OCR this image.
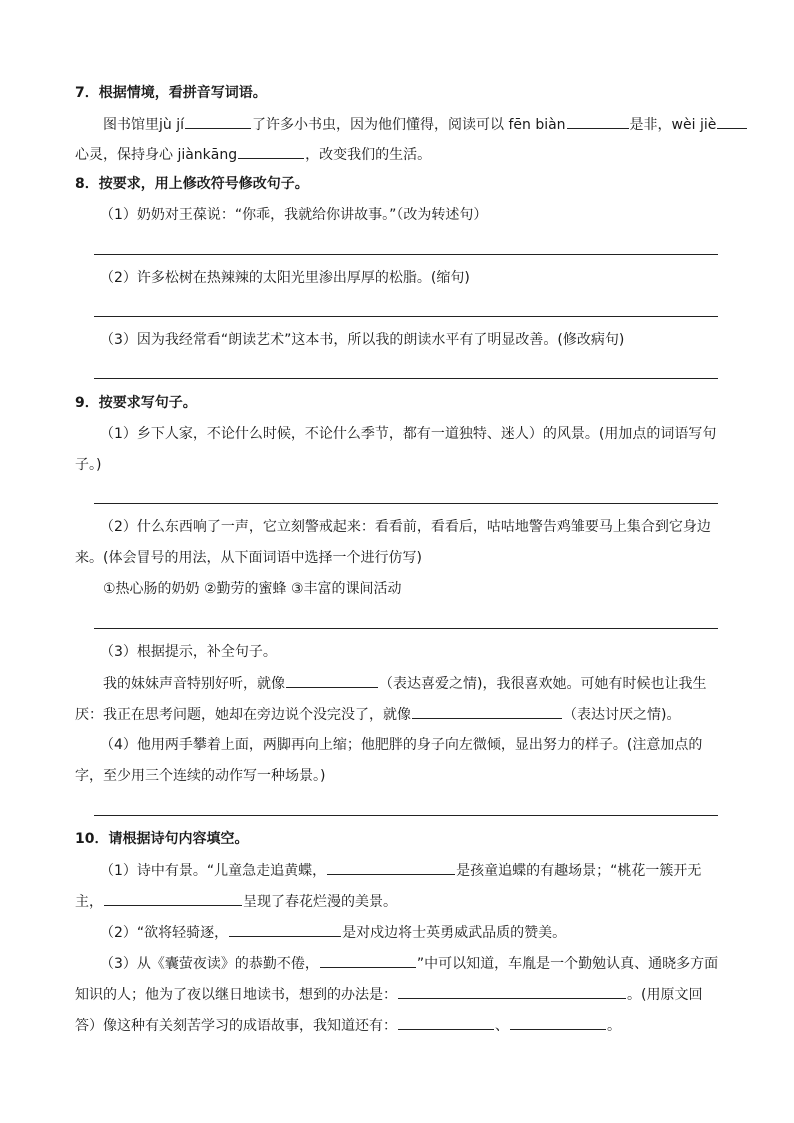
7．根据情境，看拼音写词语。
图书馆里jù jí	了许多小书虫，因为他们懂得，阅读可以 fēn biàn	是非，wèi jiè
心灵，保持身心 jiànkāng	，改变我们的生活。
8．按要求，用上修改符号修改句子。
（1）奶奶对王葆说：“你乖，我就给你讲故事。”（改为转述句）
（2）许多松树在热辣辣的太阳光里渗出厚厚的松脂。(缩句)
（3）因为我经常看“朗读艺术”这本书，所以我的朗读水平有了明显改善。(修改病句)
9．按要求写句子。
（1）乡下人家，不论什么时候，不论什么季节，都有一道独特、迷人）的风景。(用加点的词语写句
子。)
（2）什么东西响了一声，它立刻警戒起来：看看前，看看后，咕咕地警告鸡雏要马上集合到它身边
来。(体会冒号的用法，从下面词语中选择一个进行仿写)
①热心肠的奶奶 ②勤劳的蜜蜂 ③丰富的课间活动
（3）根据提示，补全句子。
我的妹妹声音特别好听，就像	（表达喜爱之情)，我很喜欢她。可她有时候也让我生
厌：我正在思考问题，她却在旁边说个没完没了，就像	（表达讨厌之情)。
（4）他用两手攀着上面，两脚再向上缩；他肥胖的身子向左微倾，显出努力的样子。(注意加点的
字，至少用三个连续的动作写一种场景。)
10．请根据诗句内容填空。
（1）诗中有景。“儿童急走追黄蝶，	是孩童追蝶的有趣场景；“桃花一簇开无
主，	呈现了春花烂漫的美景。
（2）“欲将轻骑逐，	是对戍边将士英勇威武品质的赞美。
（3）从《囊萤夜读》的恭勤不倦，	”中可以知道，车胤是一个勤勉认真、通晓多方面
知识的人；他为了夜以继日地读书，想到的办法是：	。(用原文回
答）像这种有关刻苦学习的成语故事，我知道还有：	、	。
